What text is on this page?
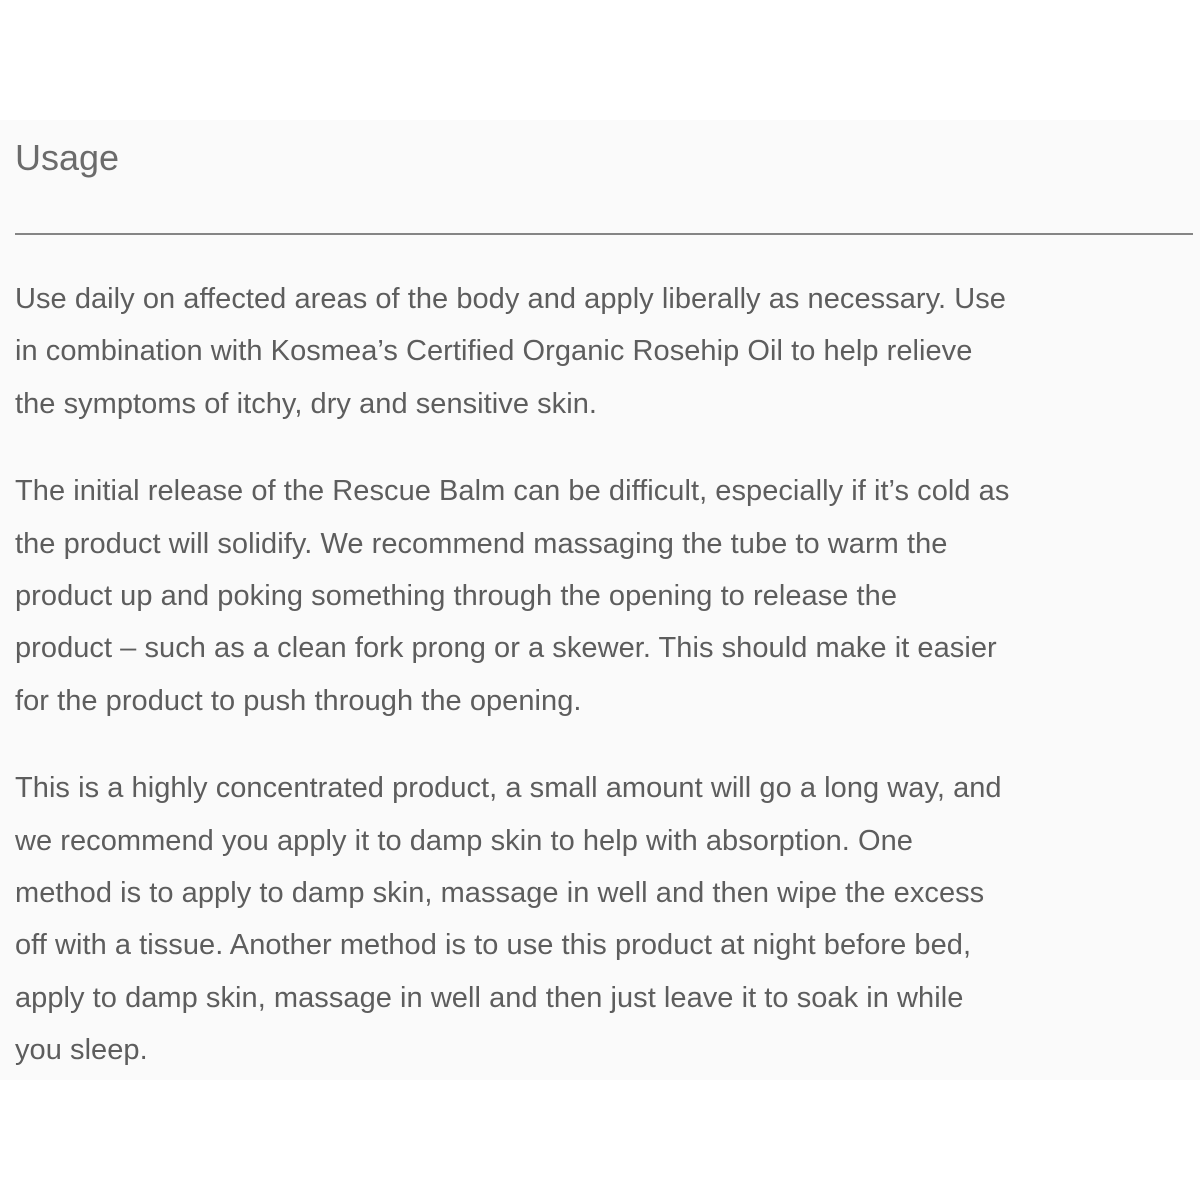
Usage

Use daily on affected areas of the body and apply liberally as necessary. Use
in combination with Kosmea’s Certified Organic Rosehip Oil to help relieve
the symptoms of itchy, dry and sensitive skin.

The initial release of the Rescue Balm can be difficult, especially if it’s cold as
the product will solidify. We recommend massaging the tube to warm the
product up and poking something through the opening to release the
product – such as a clean fork prong or a skewer. This should make it easier
for the product to push through the opening.

This is a highly concentrated product, a small amount will go a long way, and
we recommend you apply it to damp skin to help with absorption. One
method is to apply to damp skin, massage in well and then wipe the excess
off with a tissue. Another method is to use this product at night before bed,
apply to damp skin, massage in well and then just leave it to soak in while
you sleep.
